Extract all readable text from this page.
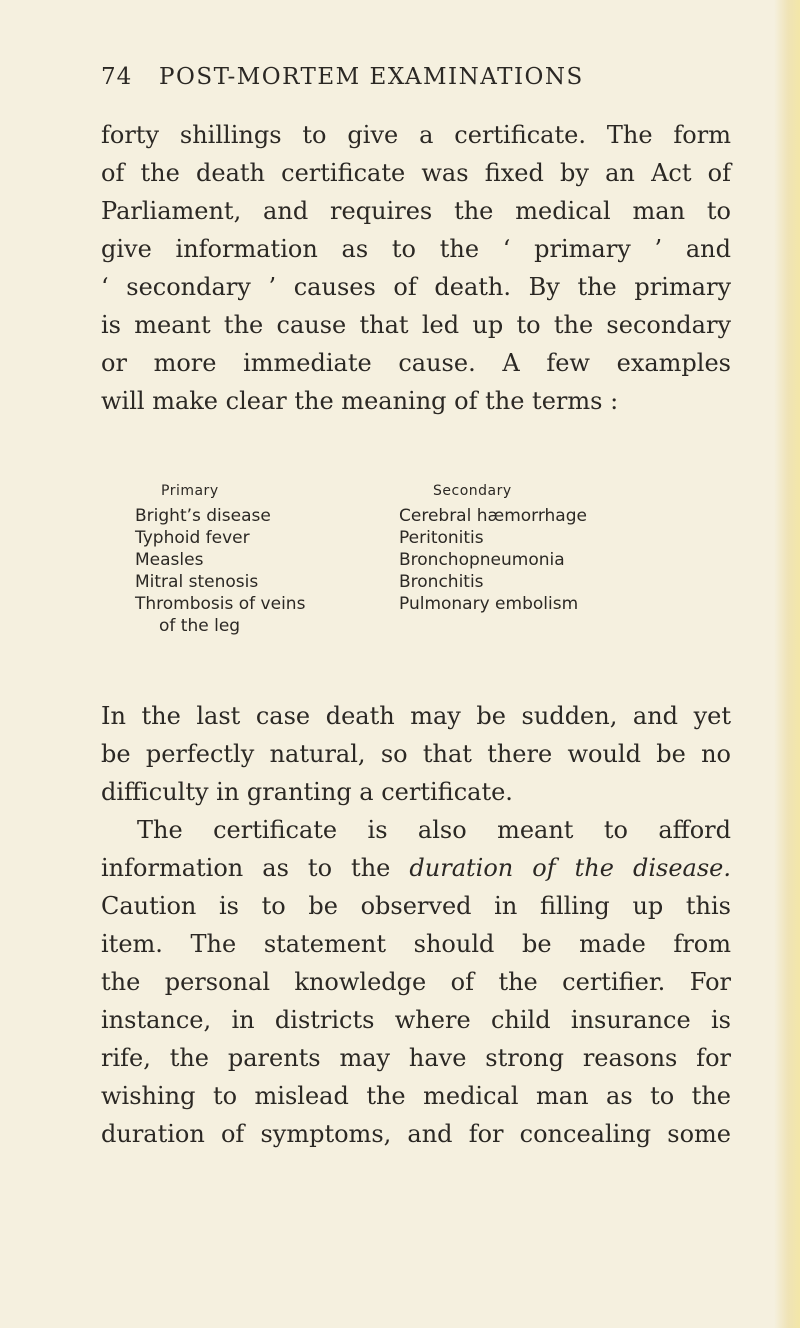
74 POST-MORTEM EXAMINATIONS
forty shillings to give a certificate. The form
of the death certificate was fixed by an Act of
Parliament, and requires the medical man to
give information as to the ‘ primary ’ and
‘ secondary ’ causes of death. By the primary
is meant the cause that led up to the secondary
or more immediate cause. A few examples
will make clear the meaning of the terms :
Primary
Bright’s disease
Typhoid fever
Measles
Mitral stenosis
Thrombosis of veins
of the leg
Secondary
Cerebral hæmorrhage
Peritonitis
Bronchopneumonia
Bronchitis
Pulmonary embolism
In the last case death may be sudden, and yet
be perfectly natural, so that there would be no
difficulty in granting a certificate.
The certificate is also meant to afford
information as to the duration of the disease.
Caution is to be observed in filling up this
item. The statement should be made from
the personal knowledge of the certifier. For
instance, in districts where child insurance is
rife, the parents may have strong reasons for
wishing to mislead the medical man as to the
duration of symptoms, and for concealing some
